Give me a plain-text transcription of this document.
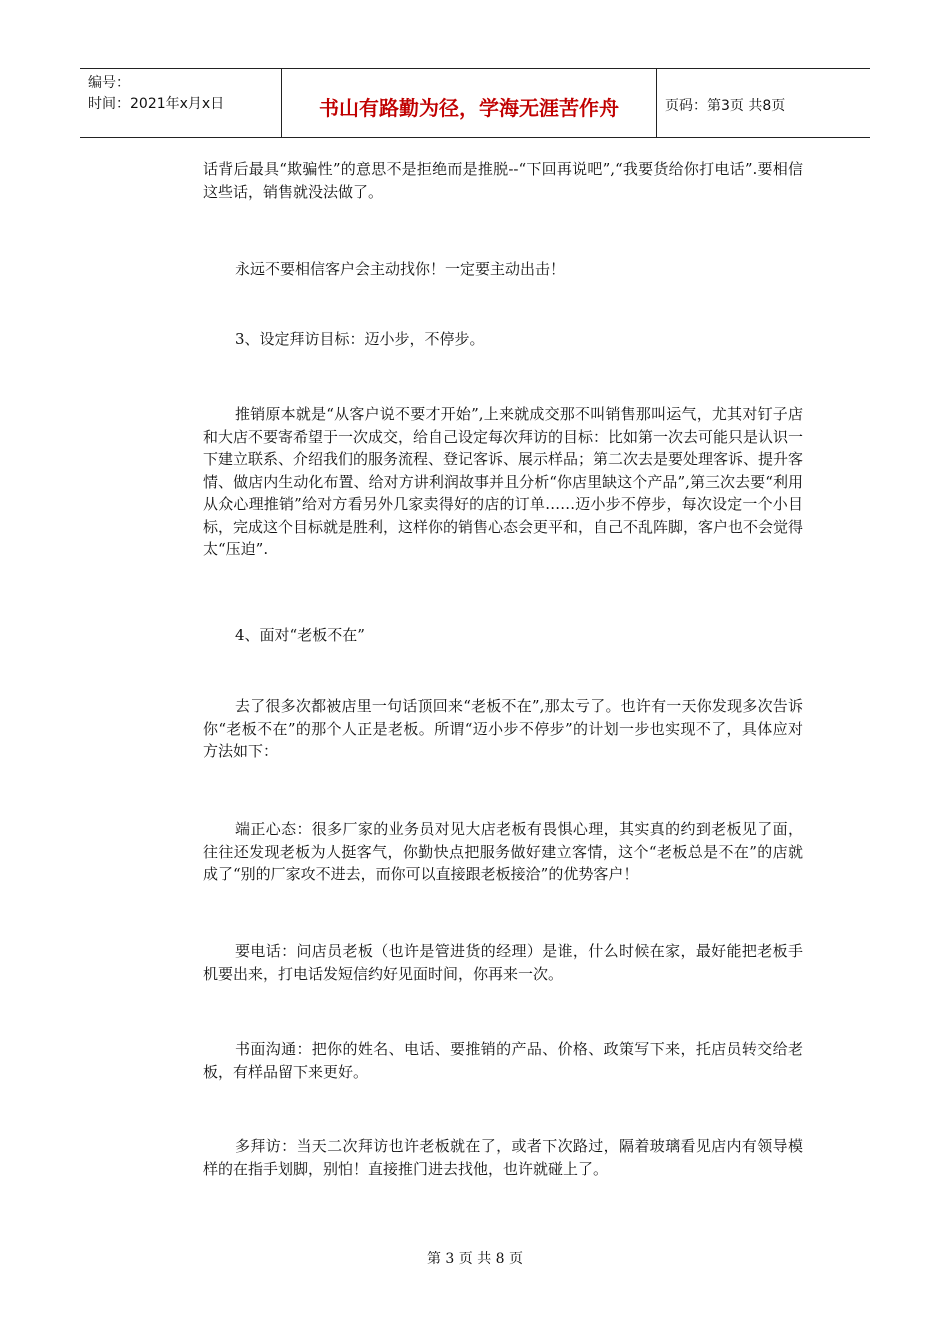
编号：
时间：2021年x月x日	书山有路勤为径，学海无涯苦作舟	页码：第3页 共8页

话背后最具“欺骗性”的意思不是拒绝而是推脱--“下回再说吧”,“我要货给你打电话”.要相信这些话，销售就没法做了。

永远不要相信客户会主动找你！一定要主动出击！

3、设定拜访目标：迈小步，不停步。

推销原本就是“从客户说不要才开始”,上来就成交那不叫销售那叫运气，尤其对钉子店和大店不要寄希望于一次成交，给自己设定每次拜访的目标：比如第一次去可能只是认识一下建立联系、介绍我们的服务流程、登记客诉、展示样品；第二次去是要处理客诉、提升客情、做店内生动化布置、给对方讲利润故事并且分析“你店里缺这个产品”,第三次去要“利用从众心理推销”给对方看另外几家卖得好的店的订单……迈小步不停步，每次设定一个小目标，完成这个目标就是胜利，这样你的销售心态会更平和，自己不乱阵脚，客户也不会觉得太“压迫”.

4、面对“老板不在”

去了很多次都被店里一句话顶回来“老板不在”,那太亏了。也许有一天你发现多次告诉你“老板不在”的那个人正是老板。所谓“迈小步不停步”的计划一步也实现不了，具体应对方法如下：

端正心态：很多厂家的业务员对见大店老板有畏惧心理，其实真的约到老板见了面，往往还发现老板为人挺客气，你勤快点把服务做好建立客情，这个“老板总是不在”的店就成了“别的厂家攻不进去，而你可以直接跟老板接洽”的优势客户！

要电话：问店员老板（也许是管进货的经理）是谁，什么时候在家，最好能把老板手机要出来，打电话发短信约好见面时间，你再来一次。

书面沟通：把你的姓名、电话、要推销的产品、价格、政策写下来，托店员转交给老板，有样品留下来更好。

多拜访：当天二次拜访也许老板就在了，或者下次路过，隔着玻璃看见店内有领导模样的在指手划脚，别怕！直接推门进去找他，也许就碰上了。

第 3 页 共 8 页
